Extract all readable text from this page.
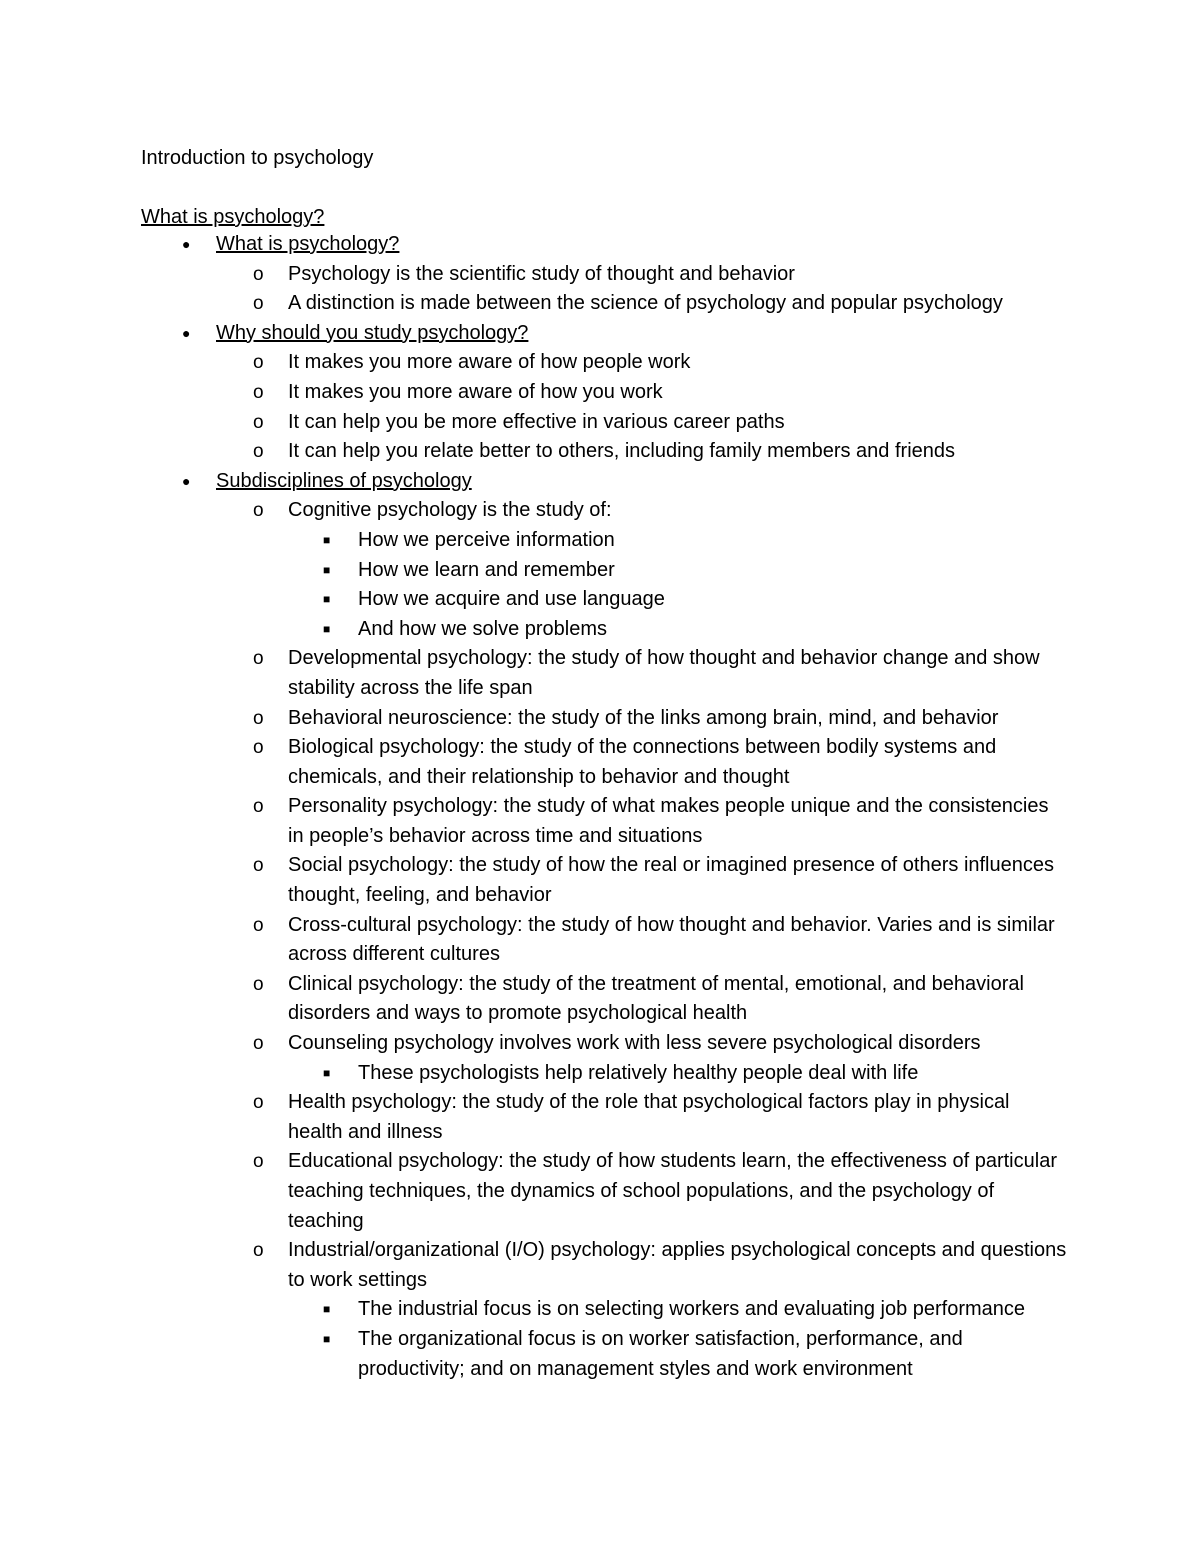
Introduction to psychology
What is psychology?
● What is psychology?
o Psychology is the scientific study of thought and behavior
o A distinction is made between the science of psychology and popular psychology
● Why should you study psychology?
o It makes you more aware of how people work
o It makes you more aware of how you work
o It can help you be more effective in various career paths
o It can help you relate better to others, including family members and friends
● Subdisciplines of psychology
o Cognitive psychology is the study of:
■ How we perceive information
■ How we learn and remember
■ How we acquire and use language
■ And how we solve problems
o Developmental psychology: the study of how thought and behavior change and show stability across the life span
o Behavioral neuroscience: the study of the links among brain, mind, and behavior
o Biological psychology: the study of the connections between bodily systems and chemicals, and their relationship to behavior and thought
o Personality psychology: the study of what makes people unique and the consistencies in people’s behavior across time and situations
o Social psychology: the study of how the real or imagined presence of others influences thought, feeling, and behavior
o Cross-cultural psychology: the study of how thought and behavior. Varies and is similar across different cultures
o Clinical psychology: the study of the treatment of mental, emotional, and behavioral disorders and ways to promote psychological health
o Counseling psychology involves work with less severe psychological disorders
■ These psychologists help relatively healthy people deal with life
o Health psychology: the study of the role that psychological factors play in physical health and illness
o Educational psychology: the study of how students learn, the effectiveness of particular teaching techniques, the dynamics of school populations, and the psychology of teaching
o Industrial/organizational (I/O) psychology: applies psychological concepts and questions to work settings
■ The industrial focus is on selecting workers and evaluating job performance
■ The organizational focus is on worker satisfaction, performance, and productivity; and on management styles and work environment
